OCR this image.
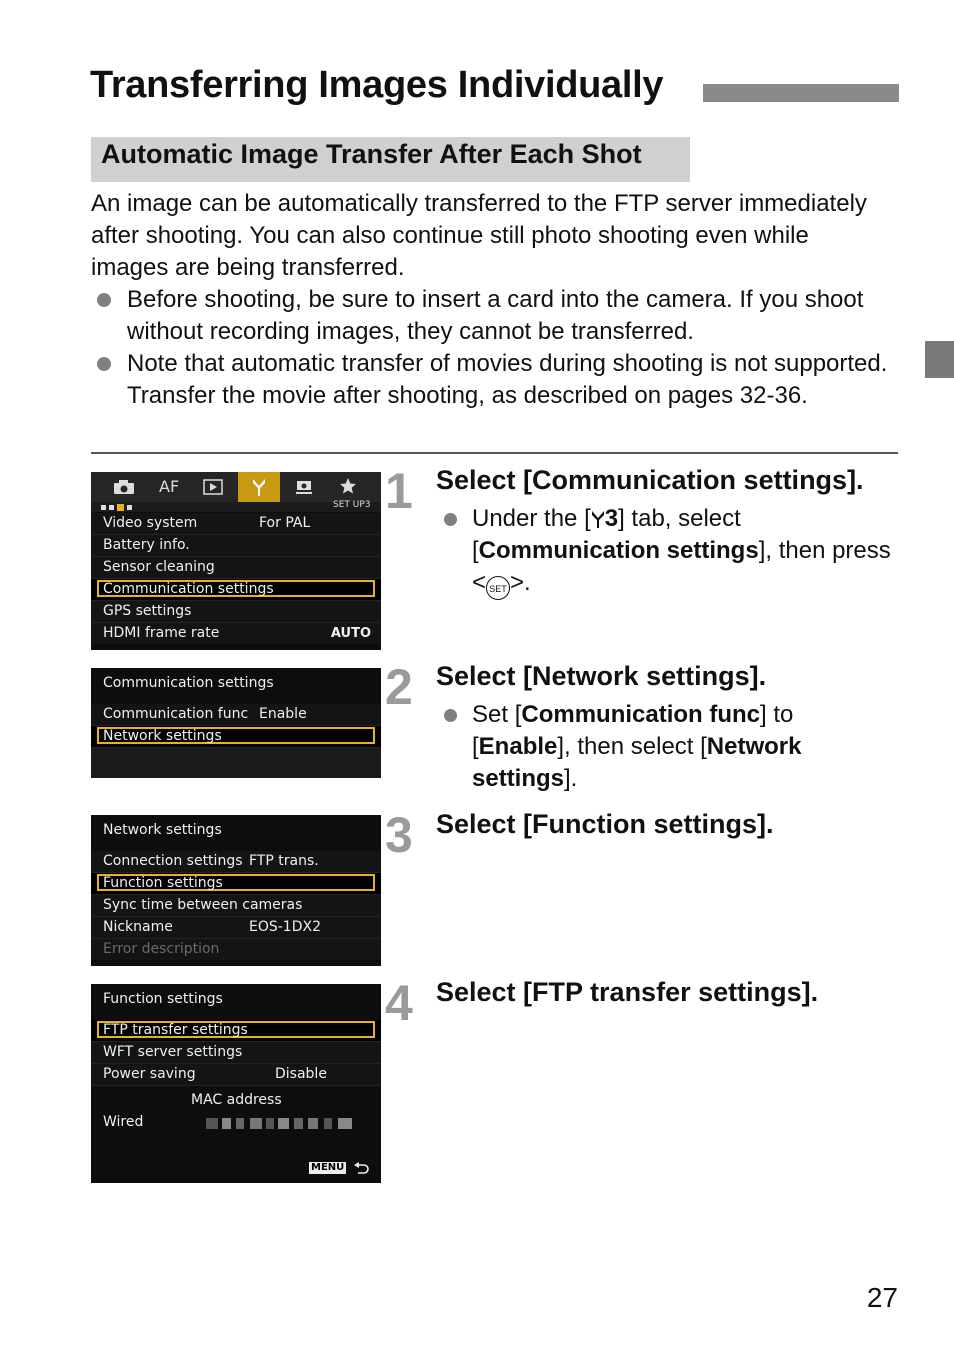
Transferring Images Individually
Automatic Image Transfer After Each Shot
An image can be automatically transferred to the FTP server immediately after shooting. You can also continue still photo shooting even while images are being transferred.
Before shooting, be sure to insert a card into the camera. If you shoot without recording images, they cannot be transferred.
Note that automatic transfer of movies during shooting is not supported. Transfer the movie after shooting, as described on pages 32-36.
AF
SET UP3
Video system	For PAL
Battery info.
Sensor cleaning
Communication settings
GPS settings
HDMI frame rate	AUTO
Communication settings
Communication func Enable
Network settings
Network settings
Connection settings FTP trans.
Function settings
Sync time between cameras
Nickname	EOS-1DX2
Error description
Function settings
FTP transfer settings
WFT server settings
Power saving	Disable
MAC address
Wired
MENU
1 Select [Communication settings].
Under the [ 3] tab, select [Communication settings], then press < SET >.
2 Select [Network settings].
Set [Communication func] to [Enable], then select [Network settings].
3 Select [Function settings].
4 Select [FTP transfer settings].
27
